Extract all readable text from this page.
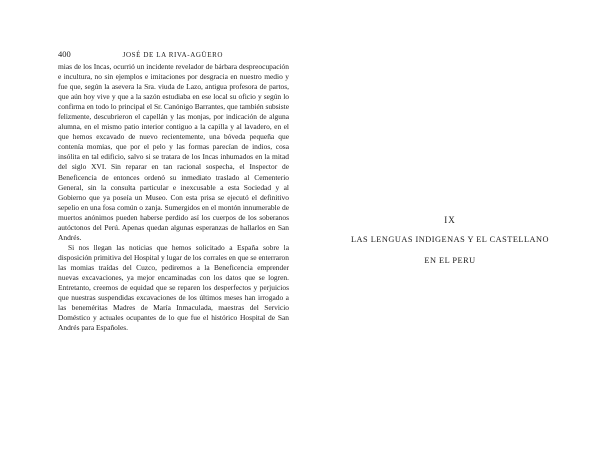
400	JOSÉ DE LA RIVA-AGÜERO

mias de los Incas, ocurrió un incidente revelador de bárbara despreocupación e incultura, no sin ejemplos e imitaciones por desgracia en nuestro medio y fue que, según la asevera la Sra. viuda de Lazo, antigua profesora de partos, que aún hoy vive y que a la sazón estudiaba en ese local su oficio y según lo confirma en todo lo principal el Sr. Canónigo Barrantes, que también subsiste felizmente, descubrieron el capellán y las monjas, por indicación de alguna alumna, en el mismo patio interior contiguo a la capilla y al lavadero, en el que hemos excavado de nuevo recientemente, una bóveda pequeña que contenía momias, que por el pelo y las formas parecían de indios, cosa insólita en tal edificio, salvo si se tratara de los Incas inhumados en la mitad del siglo XVI. Sin reparar en tan racional sospecha, el Inspector de Beneficencia de entonces ordenó su inmediato traslado al Cementerio General, sin la consulta particular e inexcusable a esta Sociedad y al Gobierno que ya poseía un Museo. Con esta prisa se ejecutó el definitivo sepelio en una fosa común o zanja. Sumergidos en el montón innumerable de muertos anónimos pueden haberse perdido así los cuerpos de los soberanos autóctonos del Perú. Apenas quedan algunas esperanzas de hallarlos en San Andrés.

Si nos llegan las noticias que hemos solicitado a España sobre la disposición primitiva del Hospital y lugar de los corrales en que se enterraron las momias traídas del Cuzco, pediremos a la Beneficencia emprender nuevas excavaciones, ya mejor encaminadas con los datos que se logren. Entretanto, creemos de equidad que se reparen los desperfectos y perjuicios que nuestras suspendidas excavaciones de los últimos meses han irrogado a las beneméritas Madres de María Inmaculada, maestras del Servicio Doméstico y actuales ocupantes de lo que fue el histórico Hospital de San Andrés para Españoles.

IX
LAS LENGUAS INDIGENAS Y EL CASTELLANO
EN EL PERU
